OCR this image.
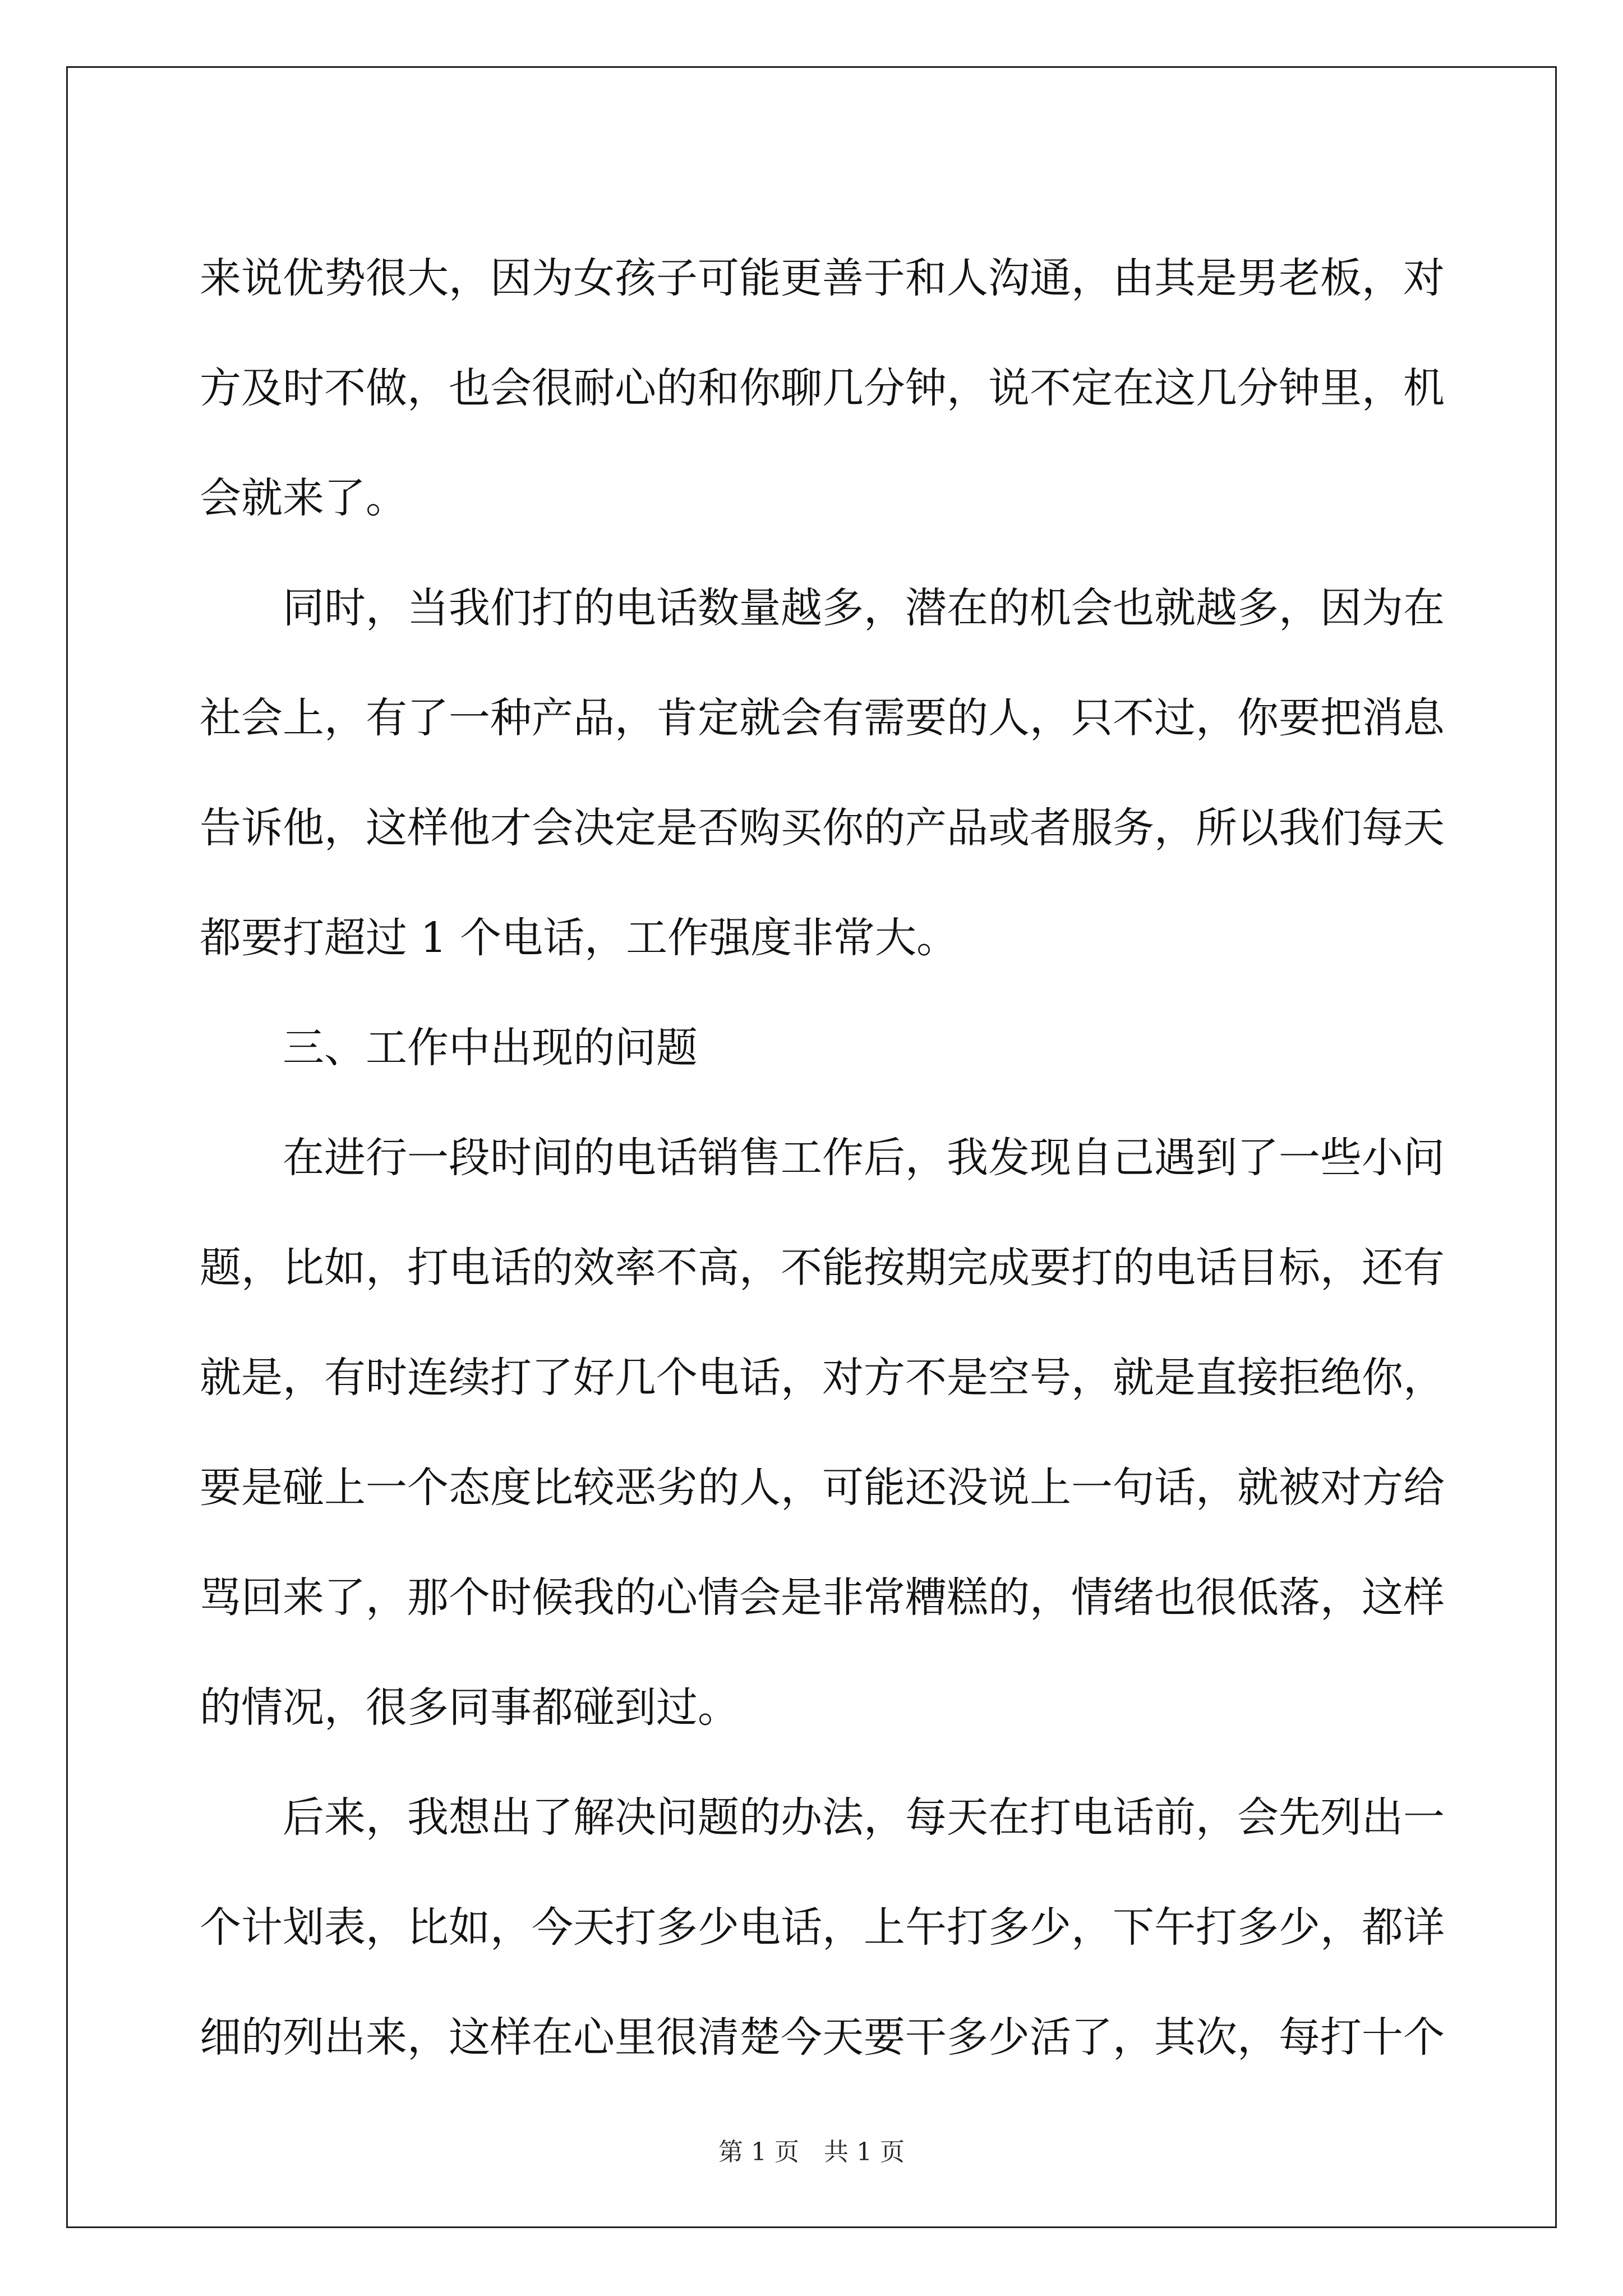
来 说 优 势 很 大 ， 因 为 女 孩 子 可 能 更 善 于 和 人 沟 通 ， 由 其 是 男 老 板 ， 对
方 及 时 不 做 ， 也 会 很 耐 心 的 和 你 聊 几 分 钟 ， 说 不 定 在 这 几 分 钟 里 ， 机
会就来了。
同 时 ， 当 我 们 打 的 电 话 数 量 越 多 ， 潜 在 的 机 会 也 就 越 多 ， 因 为 在
社 会 上 ， 有 了 一 种 产 品 ， 肯 定 就 会 有 需 要 的 人 ， 只 不 过 ， 你 要 把 消 息
告 诉 他 ， 这 样 他 才 会 决 定 是 否 购 买 你 的 产 品 或 者 服 务 ， 所 以 我 们 每 天
都要打超过 1 个电话，工作强度非常大。
三、工作中出现的问题
在 进 行 一 段 时 间 的 电 话 销 售 工 作 后 ， 我 发 现 自 己 遇 到 了 一 些 小 问
题 ， 比 如 ， 打 电 话 的 效 率 不 高 ， 不 能 按 期 完 成 要 打 的 电 话 目 标 ， 还 有
就 是 ， 有 时 连 续 打 了 好 几 个 电 话 ， 对 方 不 是 空 号 ， 就 是 直 接 拒 绝 你 ，
要 是 碰 上 一 个 态 度 比 较 恶 劣 的 人 ， 可 能 还 没 说 上 一 句 话 ， 就 被 对 方 给
骂 回 来 了 ， 那 个 时 候 我 的 心 情 会 是 非 常 糟 糕 的 ， 情 绪 也 很 低 落 ， 这 样
的情况，很多同事都碰到过。
后 来 ， 我 想 出 了 解 决 问 题 的 办 法 ， 每 天 在 打 电 话 前 ， 会 先 列 出 一
个 计 划 表 ， 比 如 ， 今 天 打 多 少 电 话 ， 上 午 打 多 少 ， 下 午 打 多 少 ， 都 详
细 的 列 出 来 ， 这 样 在 心 里 很 清 楚 今 天 要 干 多 少 活 了 ， 其 次 ， 每 打 十 个
第 1 页　共 1 页
